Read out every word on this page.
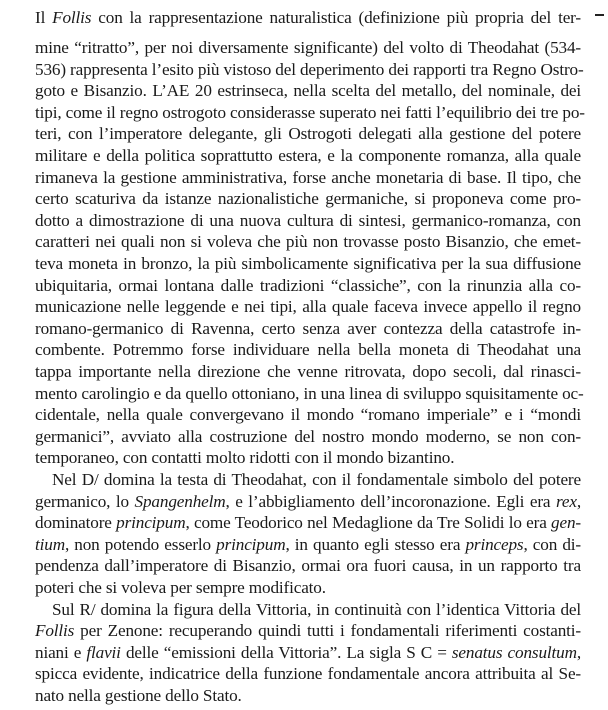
Il Follis con la rappresentazione naturalistica (definizione più propria del ter-
mine “ritratto”, per noi diversamente significante) del volto di Theodahat (534-
536) rappresenta l’esito più vistoso del deperimento dei rapporti tra Regno Ostro-
goto e Bisanzio. L’AE 20 estrinseca, nella scelta del metallo, del nominale, dei
tipi, come il regno ostrogoto considerasse superato nei fatti l’equilibrio dei tre po-
teri, con l’imperatore delegante, gli Ostrogoti delegati alla gestione del potere
militare e della politica soprattutto estera, e la componente romanza, alla quale
rimaneva la gestione amministrativa, forse anche monetaria di base. Il tipo, che
certo scaturiva da istanze nazionalistiche germaniche, si proponeva come pro-
dotto a dimostrazione di una nuova cultura di sintesi, germanico-romanza, con
caratteri nei quali non si voleva che più non trovasse posto Bisanzio, che emet-
teva moneta in bronzo, la più simbolicamente significativa per la sua diffusione
ubiquitaria, ormai lontana dalle tradizioni “classiche”, con la rinunzia alla co-
municazione nelle leggende e nei tipi, alla quale faceva invece appello il regno
romano-germanico di Ravenna, certo senza aver contezza della catastrofe in-
combente. Potremmo forse individuare nella bella moneta di Theodahat una
tappa importante nella direzione che venne ritrovata, dopo secoli, dal rinasci-
mento carolingio e da quello ottoniano, in una linea di sviluppo squisitamente oc-
cidentale, nella quale convergevano il mondo “romano imperiale” e i “mondi
germanici”, avviato alla costruzione del nostro mondo moderno, se non con-
temporaneo, con contatti molto ridotti con il mondo bizantino.
Nel D/ domina la testa di Theodahat, con il fondamentale simbolo del potere
germanico, lo Spangenhelm, e l’abbigliamento dell’incoronazione. Egli era rex,
dominatore principum, come Teodorico nel Medaglione da Tre Solidi lo era gen-
tium, non potendo esserlo principum, in quanto egli stesso era princeps, con di-
pendenza dall’imperatore di Bisanzio, ormai ora fuori causa, in un rapporto tra
poteri che si voleva per sempre modificato.
Sul R/ domina la figura della Vittoria, in continuità con l’identica Vittoria del
Follis per Zenone: recuperando quindi tutti i fondamentali riferimenti costanti-
niani e flavii delle “emissioni della Vittoria”. La sigla S C = senatus consultum,
spicca evidente, indicatrice della funzione fondamentale ancora attribuita al Se-
nato nella gestione dello Stato.
